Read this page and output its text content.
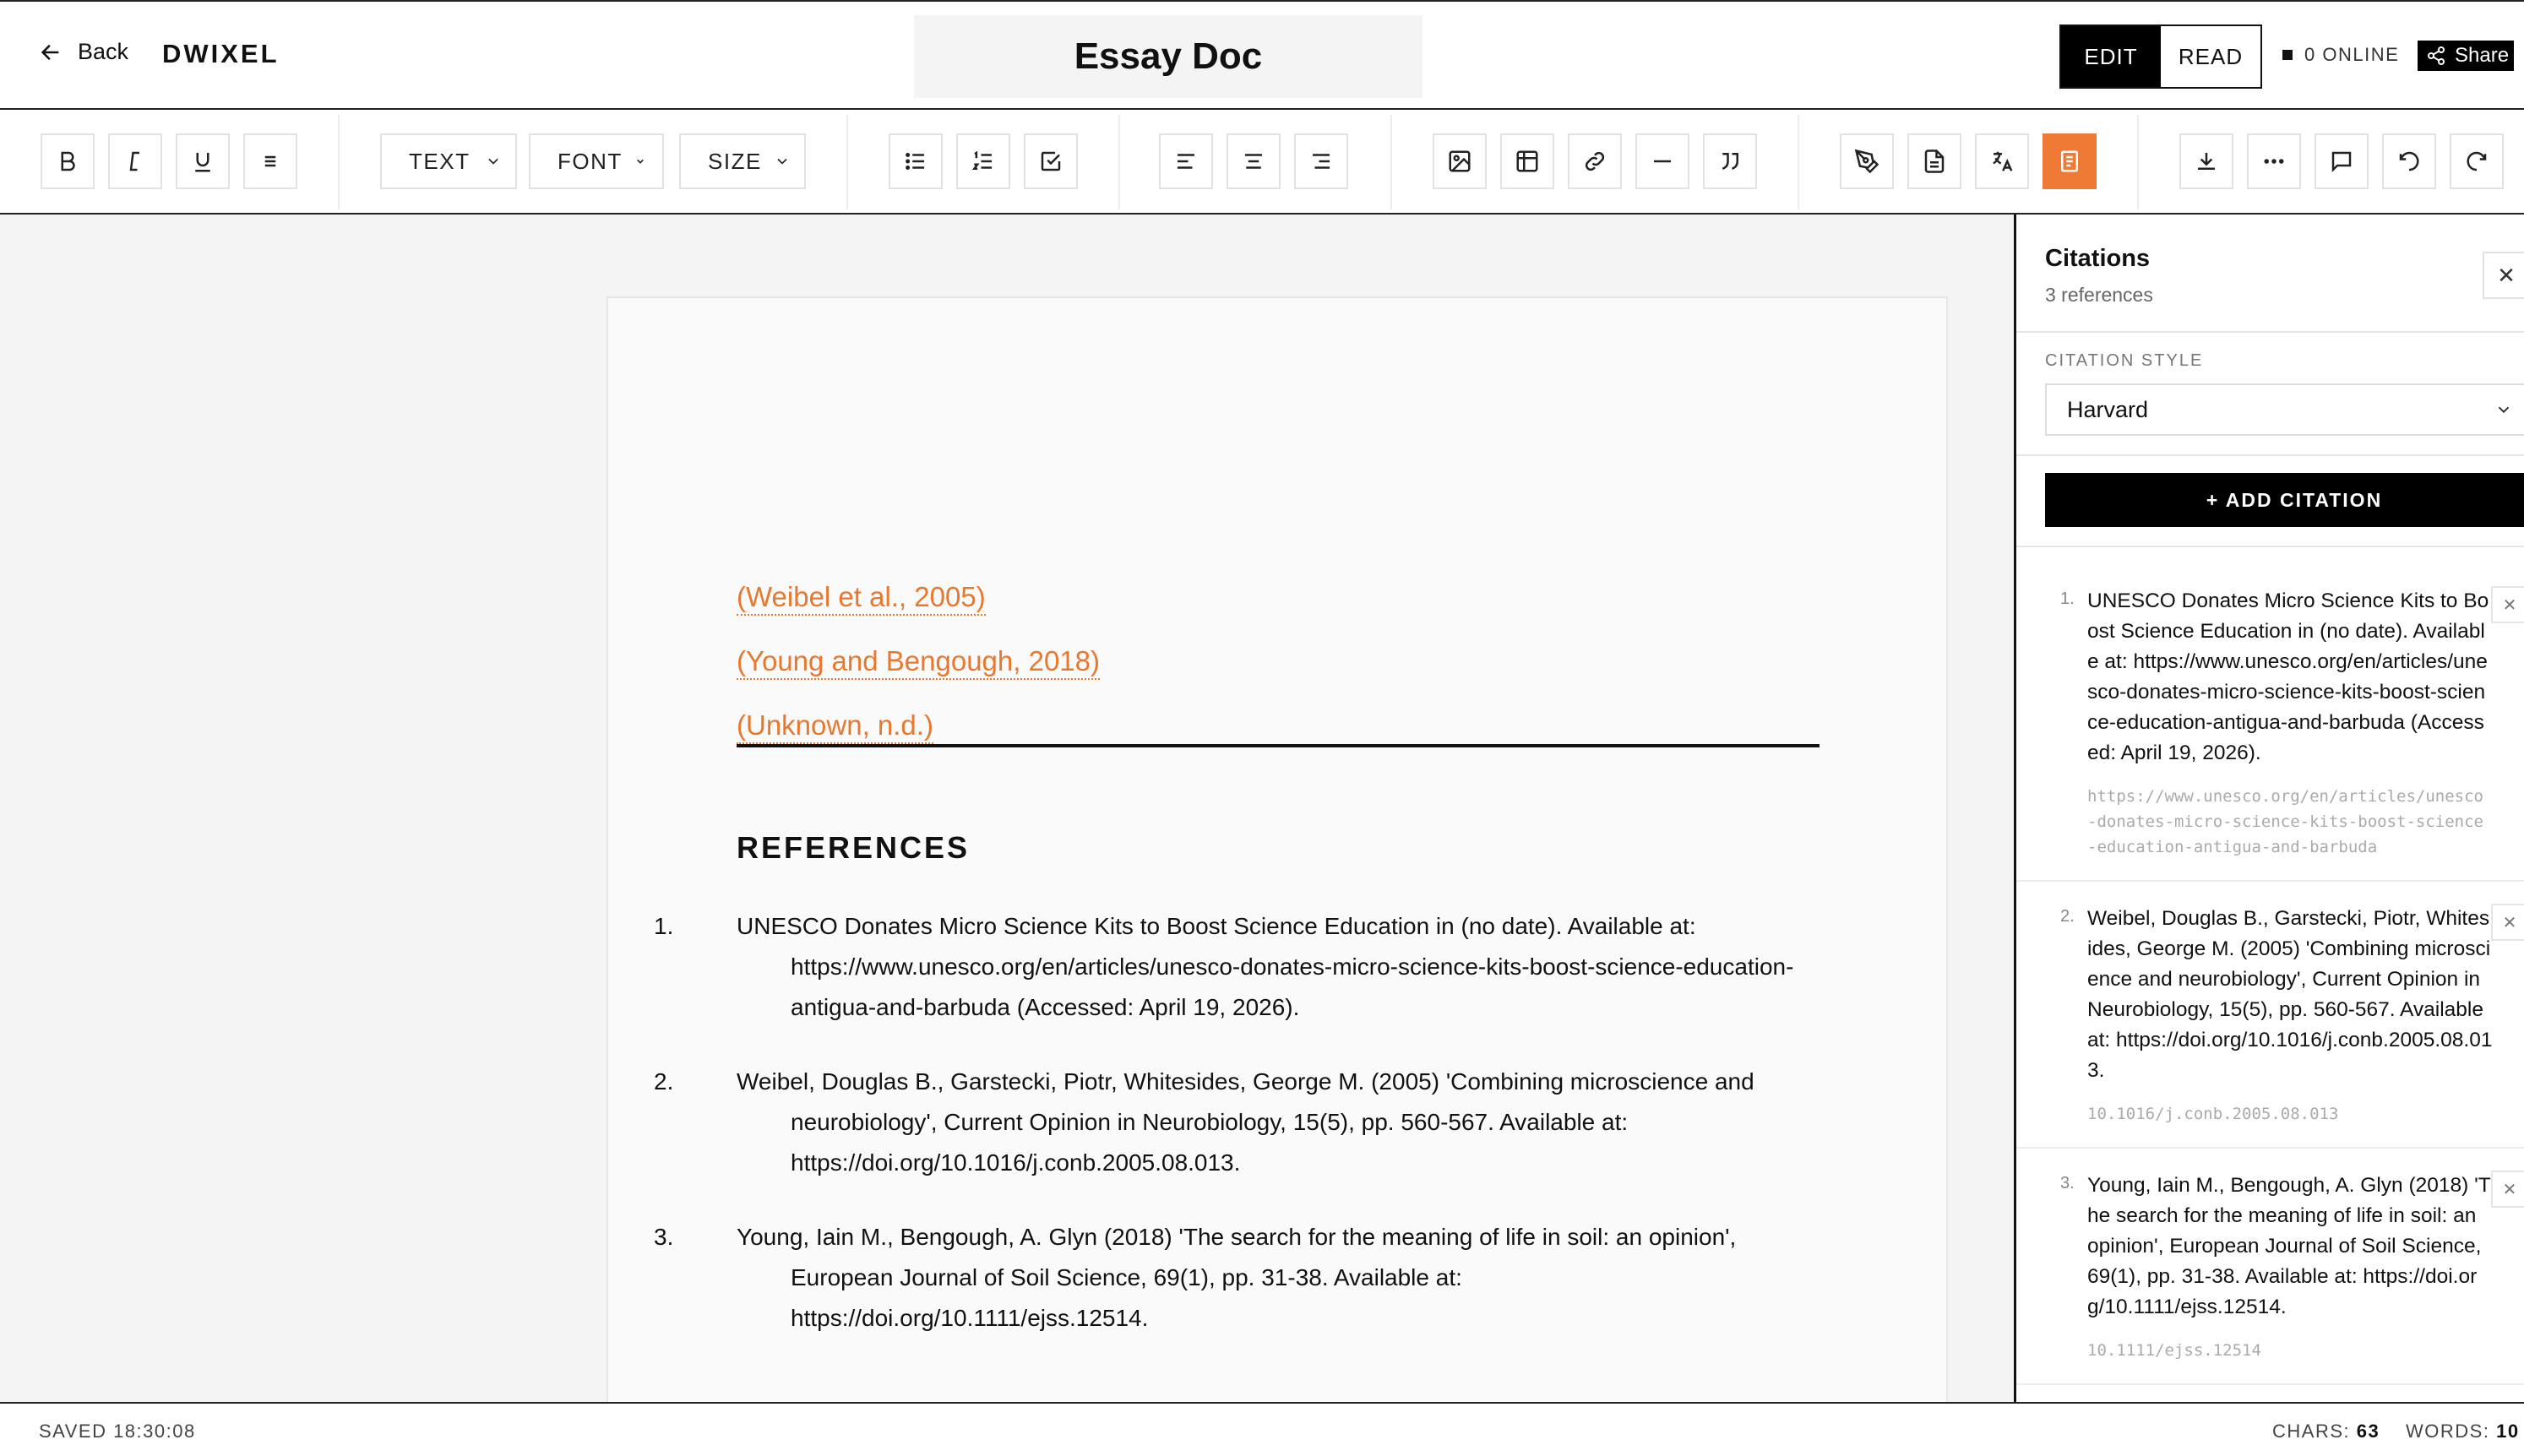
Back DWIXEL	Essay Doc	EDIT	READ	0 ONLINE	Share
TEXT	FONT	SIZE
(Weibel et al., 2005)
(Young and Bengough, 2018)
(Unknown, n.d.)
REFERENCES
1.	UNESCO Donates Micro Science Kits to Boost Science Education in (no date). Available at: https://www.unesco.org/en/articles/unesco-donates-micro-science-kits-boost-science-education-antigua-and-barbuda (Accessed: April 19, 2026).
2.	Weibel, Douglas B., Garstecki, Piotr, Whitesides, George M. (2005) 'Combining microscience and neurobiology', Current Opinion in Neurobiology, 15(5), pp. 560-567. Available at: https://doi.org/10.1016/j.conb.2005.08.013.
3.	Young, Iain M., Bengough, A. Glyn (2018) 'The search for the meaning of life in soil: an opinion', European Journal of Soil Science, 69(1), pp. 31-38. Available at: https://doi.org/10.1111/ejss.12514.
Citations
3 references
✕
CITATION STYLE
Harvard
+ ADD CITATION
1. UNESCO Donates Micro Science Kits to Boost Science Education in (no date). Available at: https://www.unesco.org/en/articles/unesco-donates-micro-science-kits-boost-science-education-antigua-and-barbuda (Accessed: April 19, 2026).
https://www.unesco.org/en/articles/unesco-donates-micro-science-kits-boost-science-education-antigua-and-barbuda
✕
2. Weibel, Douglas B., Garstecki, Piotr, Whitesides, George M. (2005) 'Combining microscience and neurobiology', Current Opinion in Neurobiology, 15(5), pp. 560-567. Available at: https://doi.org/10.1016/j.conb.2005.08.013.
10.1016/j.conb.2005.08.013
✕
3. Young, Iain M., Bengough, A. Glyn (2018) 'The search for the meaning of life in soil: an opinion', European Journal of Soil Science, 69(1), pp. 31-38. Available at: https://doi.org/10.1111/ejss.12514.
10.1111/ejss.12514
✕
SAVED 18:30:08	CHARS: 63 WORDS: 10
